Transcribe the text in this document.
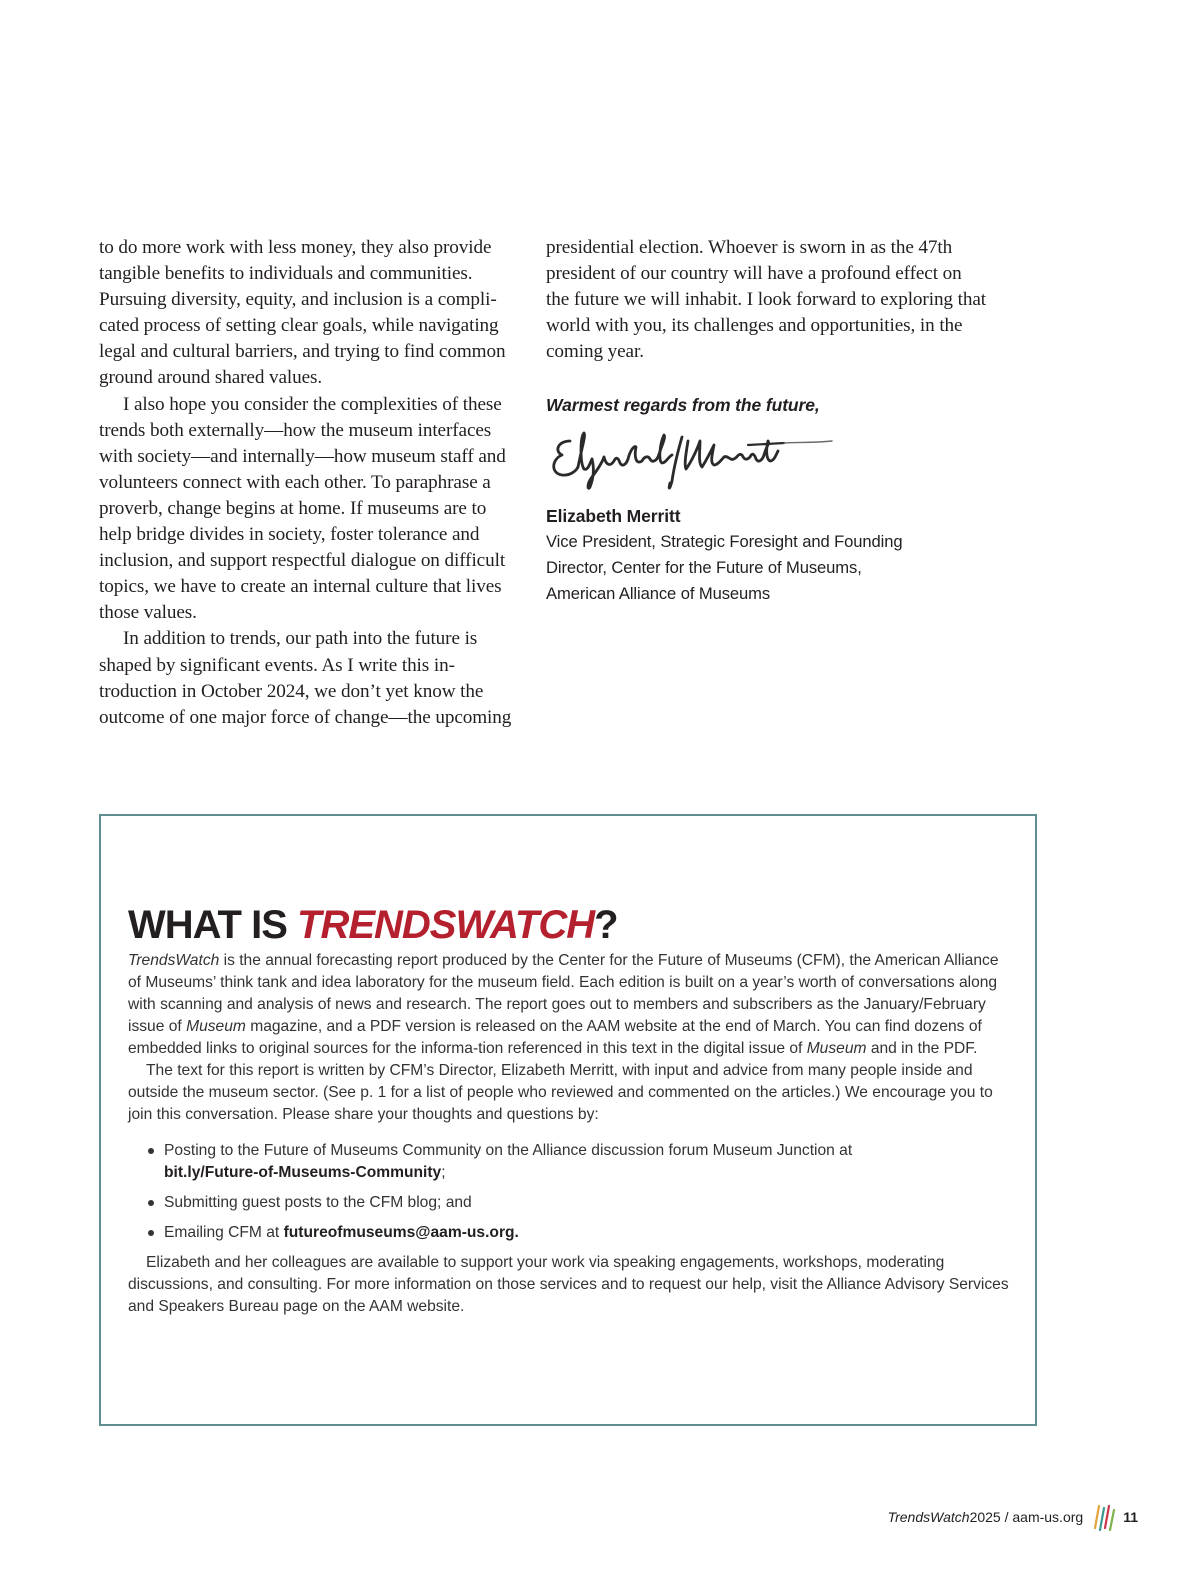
to do more work with less money, they also provide tangible benefits to individuals and communities. Pursuing diversity, equity, and inclusion is a compli-cated process of setting clear goals, while navigating legal and cultural barriers, and trying to find common ground around shared values.

I also hope you consider the complexities of these trends both externally—how the museum interfaces with society—and internally—how museum staff and volunteers connect with each other. To paraphrase a proverb, change begins at home. If museums are to help bridge divides in society, foster tolerance and inclusion, and support respectful dialogue on difficult topics, we have to create an internal culture that lives those values.

In addition to trends, our path into the future is shaped by significant events. As I write this in-troduction in October 2024, we don’t yet know the outcome of one major force of change—the upcoming

presidential election. Whoever is sworn in as the 47th president of our country will have a profound effect on the future we will inhabit. I look forward to exploring that world with you, its challenges and opportunities, in the coming year.

Warmest regards from the future,
Elizabeth Merritt
Vice President, Strategic Foresight and Founding
Director, Center for the Future of Museums,
American Alliance of Museums
WHAT IS TRENDSWATCH?

TrendsWatch is the annual forecasting report produced by the Center for the Future of Museums (CFM), the American Alliance of Museums’ think tank and idea laboratory for the museum field. Each edition is built on a year’s worth of conversations along with scanning and analysis of news and research. The report goes out to members and subscribers as the January/February issue of Museum magazine, and a PDF version is released on the AAM website at the end of March. You can find dozens of embedded links to original sources for the informa-tion referenced in this text in the digital issue of Museum and in the PDF.

The text for this report is written by CFM’s Director, Elizabeth Merritt, with input and advice from many people inside and outside the museum sector. (See p. 1 for a list of people who reviewed and commented on the articles.) We encourage you to join this conversation. Please share your thoughts and questions by:

Posting to the Future of Museums Community on the Alliance discussion forum Museum Junction at
bit.ly/Future-of-Museums-Community;
Submitting guest posts to the CFM blog; and
Emailing CFM at futureofmuseums@aam-us.org.

Elizabeth and her colleagues are available to support your work via speaking engagements, workshops, moderating discussions, and consulting. For more information on those services and to request our help, visit the Alliance Advisory Services and Speakers Bureau page on the AAM website.

TrendsWatch 2025 / aam-us.org	11
